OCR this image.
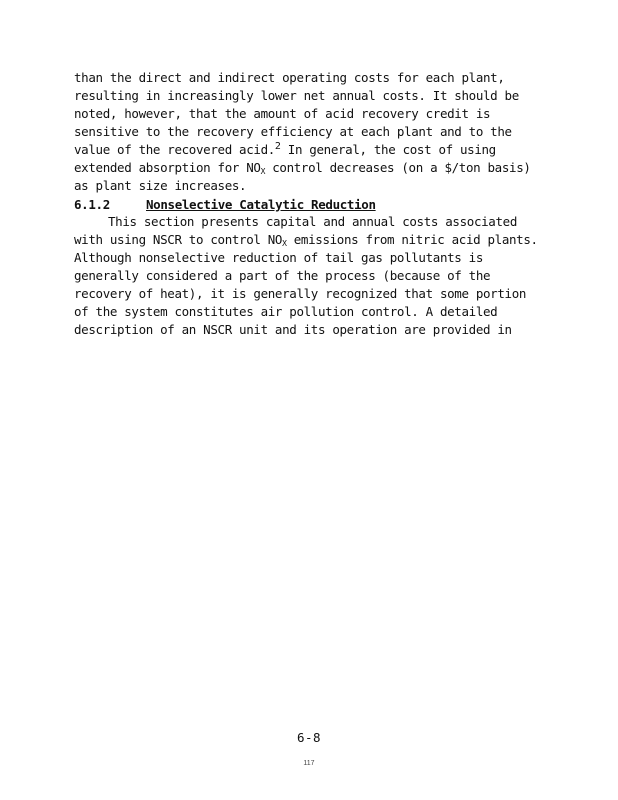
than the direct and indirect operating costs for each plant,
resulting in increasingly lower net annual costs. It should be
noted, however, that the amount of acid recovery credit is
sensitive to the recovery efficiency at each plant and to the
value of the recovered acid.$^2$ In general, the cost of using
extended absorption for $NO_X$ control decreases (on a $/ton basis)
as plant size increases.
6.1.2	Nonselective Catalytic Reduction
This section presents capital and annual costs associated
with using NSCR to control $NO_X$ emissions from nitric acid plants.
Although nonselective reduction of tail gas pollutants is
generally considered a part of the process (because of the
recovery of heat), it is generally recognized that some portion
of the system constitutes air pollution control. A detailed
description of an NSCR unit and its operation are provided in
6-8
117
